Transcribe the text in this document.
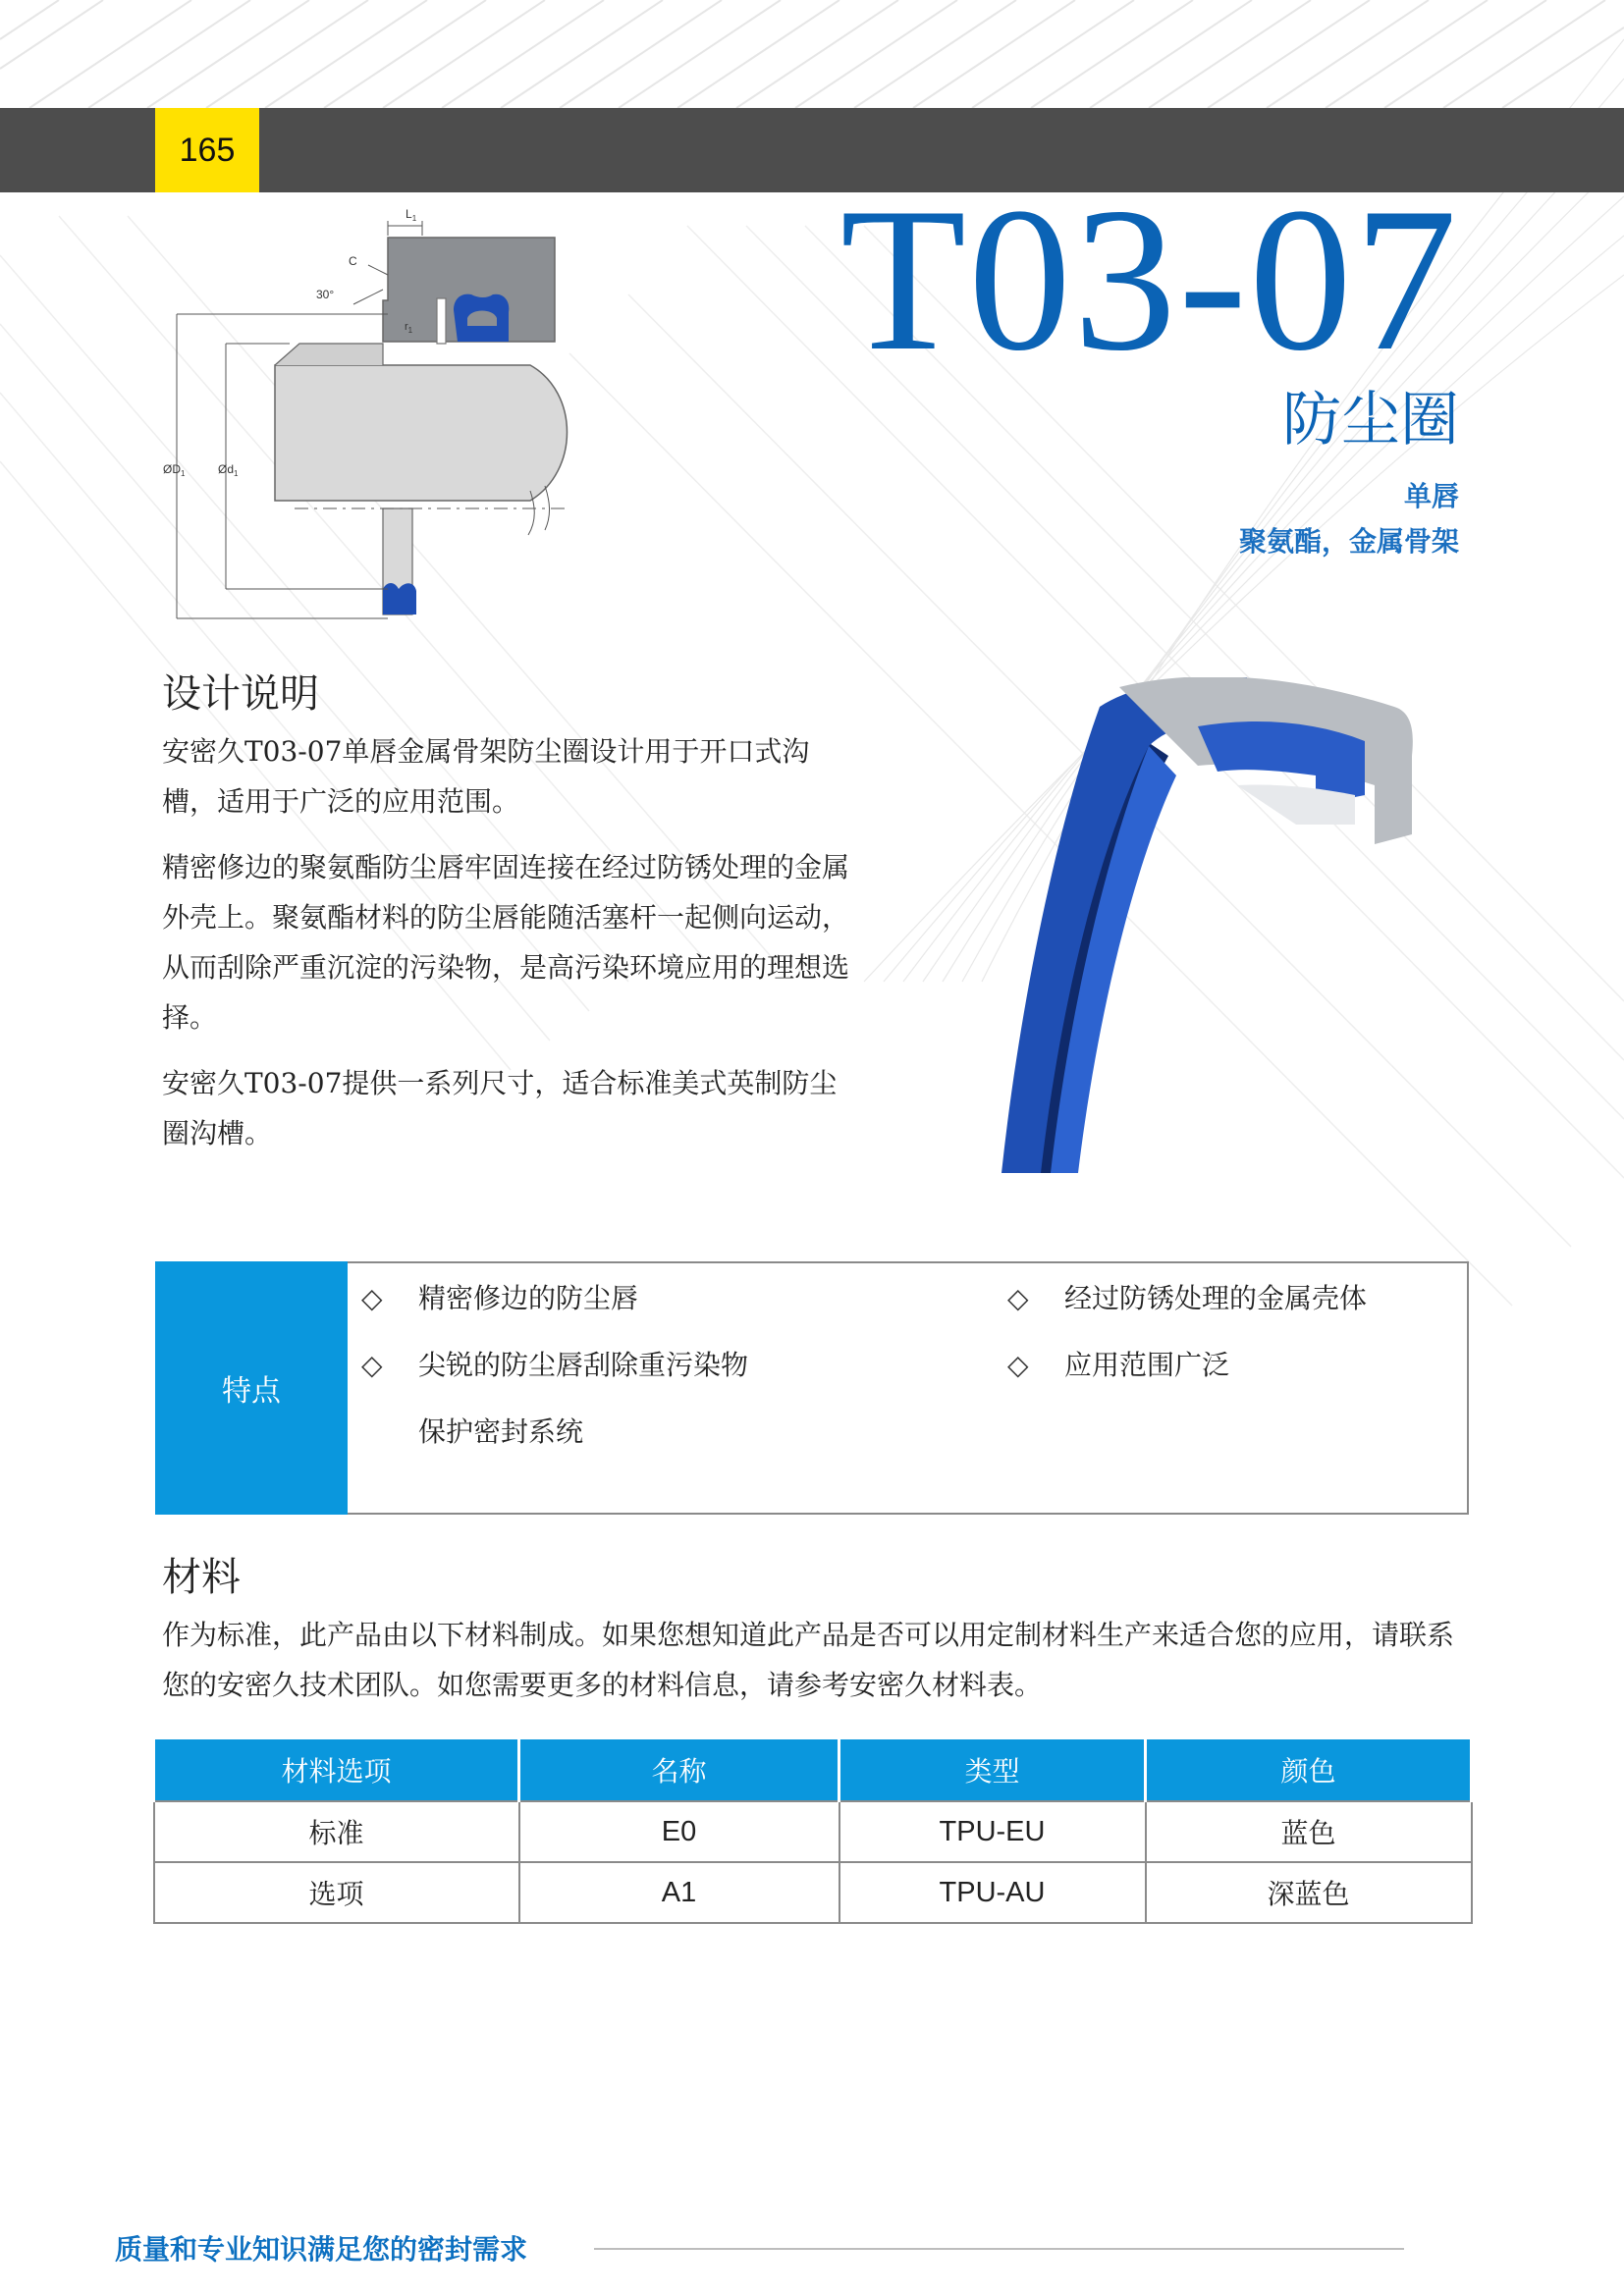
165
T03-07
防尘圈
单唇
聚氨酯，金属骨架
$L_1$
C
30°
$r_1$
$ØD_1$	$Ød_1$
设计说明

安密久T03-07单唇金属骨架防尘圈设计用于开口式沟槽，适用于广泛的应用范围。

精密修边的聚氨酯防尘唇牢固连接在经过防锈处理的金属外壳上。聚氨酯材料的防尘唇能随活塞杆一起侧向运动，从而刮除严重沉淀的污染物，是高污染环境应用的理想选择。

安密久T03-07提供一系列尺寸，适合标准美式英制防尘圈沟槽。

特点
◇	精密修边的防尘唇	◇	经过防锈处理的金属壳体
◇	尖锐的防尘唇刮除重污染物	◇	应用范围广泛
保护密封系统
材料

作为标准，此产品由以下材料制成。如果您想知道此产品是否可以用定制材料生产来适合您的应用，请联系您的安密久技术团队。如您需要更多的材料信息，请参考安密久材料表。

材料选项	名称	类型	颜色
标准	E0	TPU-EU	蓝色
选项	A1	TPU-AU	深蓝色
质量和专业知识满足您的密封需求
